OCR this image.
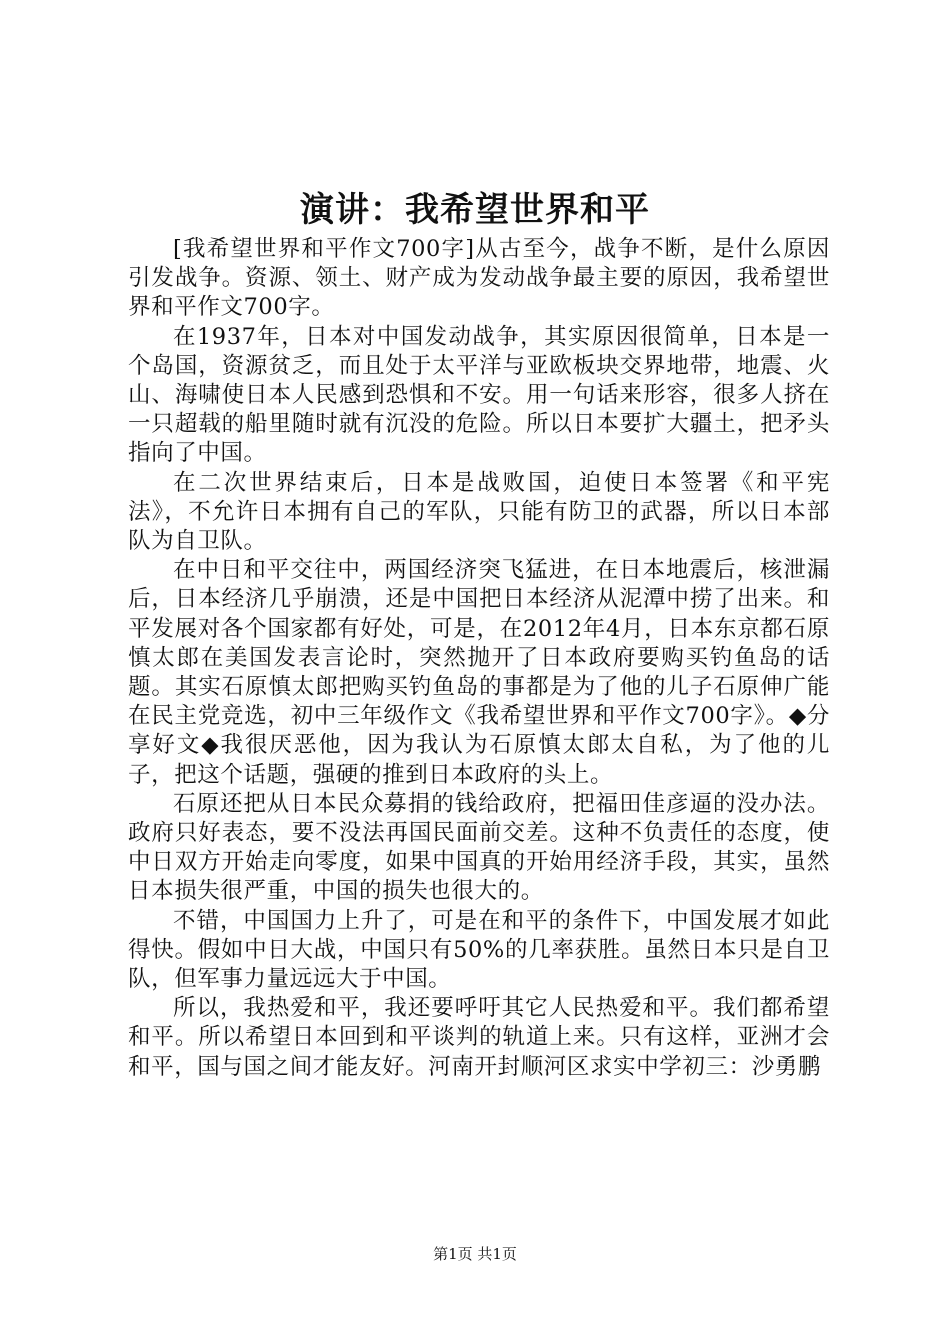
演讲：我希望世界和平

[我希望世界和平作文700字]从古至今，战争不断，是什么原因引发战争。资源、领土、财产成为发动战争最主要的原因，我希望世界和平作文700字。

在1937年，日本对中国发动战争，其实原因很简单，日本是一个岛国，资源贫乏，而且处于太平洋与亚欧板块交界地带，地震、火山、海啸使日本人民感到恐惧和不安。用一句话来形容，很多人挤在一只超载的船里随时就有沉没的危险。所以日本要扩大疆土，把矛头指向了中国。

在二次世界结束后，日本是战败国，迫使日本签署《和平宪法》，不允许日本拥有自己的军队，只能有防卫的武器，所以日本部队为自卫队。

在中日和平交往中，两国经济突飞猛进，在日本地震后，核泄漏后，日本经济几乎崩溃，还是中国把日本经济从泥潭中捞了出来。和平发展对各个国家都有好处，可是，在2012年4月，日本东京都石原慎太郎在美国发表言论时，突然抛开了日本政府要购买钓鱼岛的话题。其实石原慎太郎把购买钓鱼岛的事都是为了他的儿子石原伸广能在民主党竞选，初中三年级作文《我希望世界和平作文700字》。◆分享好文◆我很厌恶他，因为我认为石原慎太郎太自私，为了他的儿子，把这个话题，强硬的推到日本政府的头上。

石原还把从日本民众募捐的钱给政府，把福田佳彦逼的没办法。政府只好表态，要不没法再国民面前交差。这种不负责任的态度，使中日双方开始走向零度，如果中国真的开始用经济手段，其实，虽然日本损失很严重，中国的损失也很大的。

不错，中国国力上升了，可是在和平的条件下，中国发展才如此得快。假如中日大战，中国只有50%的几率获胜。虽然日本只是自卫队，但军事力量远远大于中国。

所以，我热爱和平，我还要呼吁其它人民热爱和平。我们都希望和平。所以希望日本回到和平谈判的轨道上来。只有这样，亚洲才会和平，国与国之间才能友好。河南开封顺河区求实中学初三：沙勇鹏

第1页 共1页
